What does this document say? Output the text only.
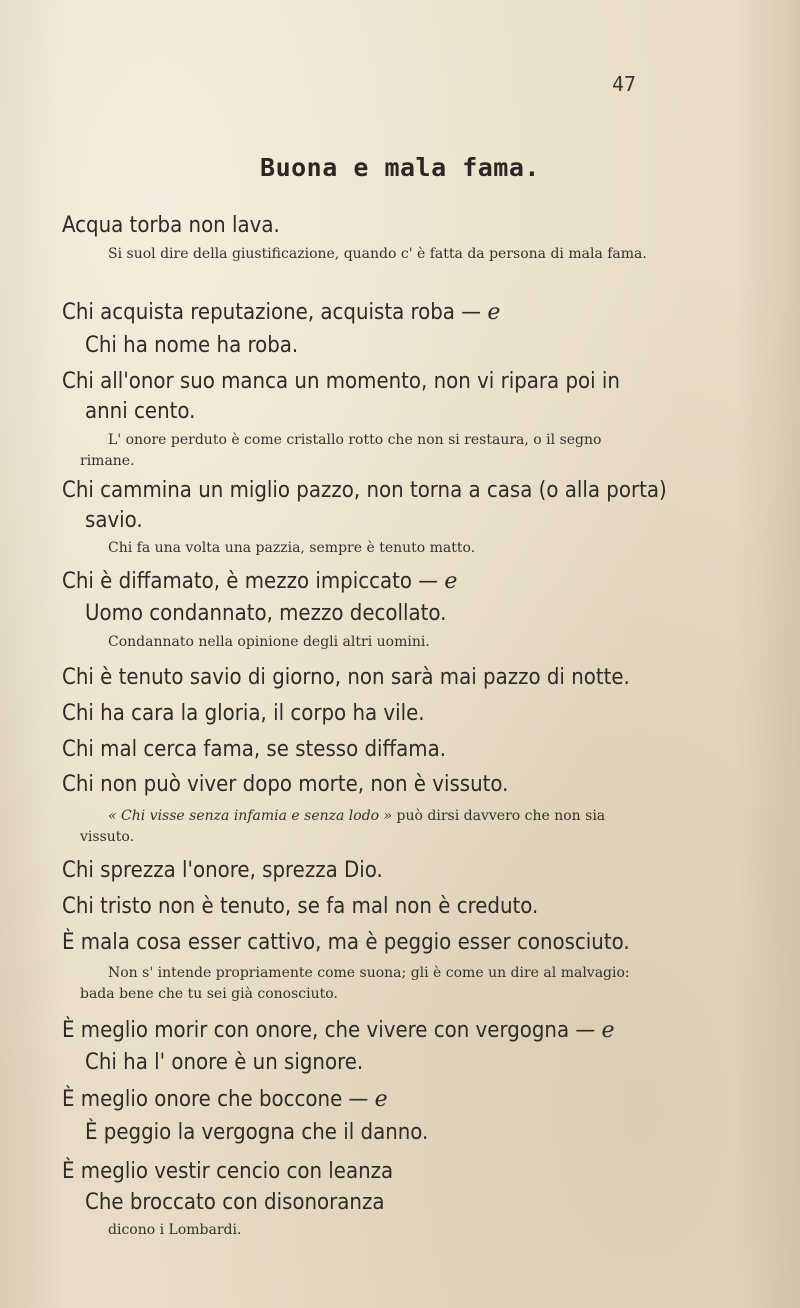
47
Buona e mala fama.
Acqua torba non lava.
Si suol dire della giustificazione, quando c' è fatta da persona di mala fama.
Chi acquista reputazione, acquista roba — e
Chi ha nome ha roba.
Chi all'onor suo manca un momento, non vi ripara poi in
anni cento.
L' onore perduto è come cristallo rotto che non si restaura, o il segno rimane.
Chi cammina un miglio pazzo, non torna a casa (o alla porta)
savio.
Chi fa una volta una pazzia, sempre è tenuto matto.
Chi è diffamato, è mezzo impiccato — e
Uomo condannato, mezzo decollato.
Condannato nella opinione degli altri uomini.
Chi è tenuto savio di giorno, non sarà mai pazzo di notte.
Chi ha cara la gloria, il corpo ha vile.
Chi mal cerca fama, se stesso diffama.
Chi non può viver dopo morte, non è vissuto.
« Chi visse senza infamia e senza lodo » può dirsi davvero che non sia vissuto.
Chi sprezza l'onore, sprezza Dio.
Chi tristo non è tenuto, se fa mal non è creduto.
È mala cosa esser cattivo, ma è peggio esser conosciuto.
Non s' intende propriamente come suona; gli è come un dire al malvagio: bada bene che tu sei già conosciuto.
È meglio morir con onore, che vivere con vergogna — e
Chi ha l' onore è un signore.
È meglio onore che boccone — e
È peggio la vergogna che il danno.
È meglio vestir cencio con leanza
Che broccato con disonoranza
dicono i Lombardi.
